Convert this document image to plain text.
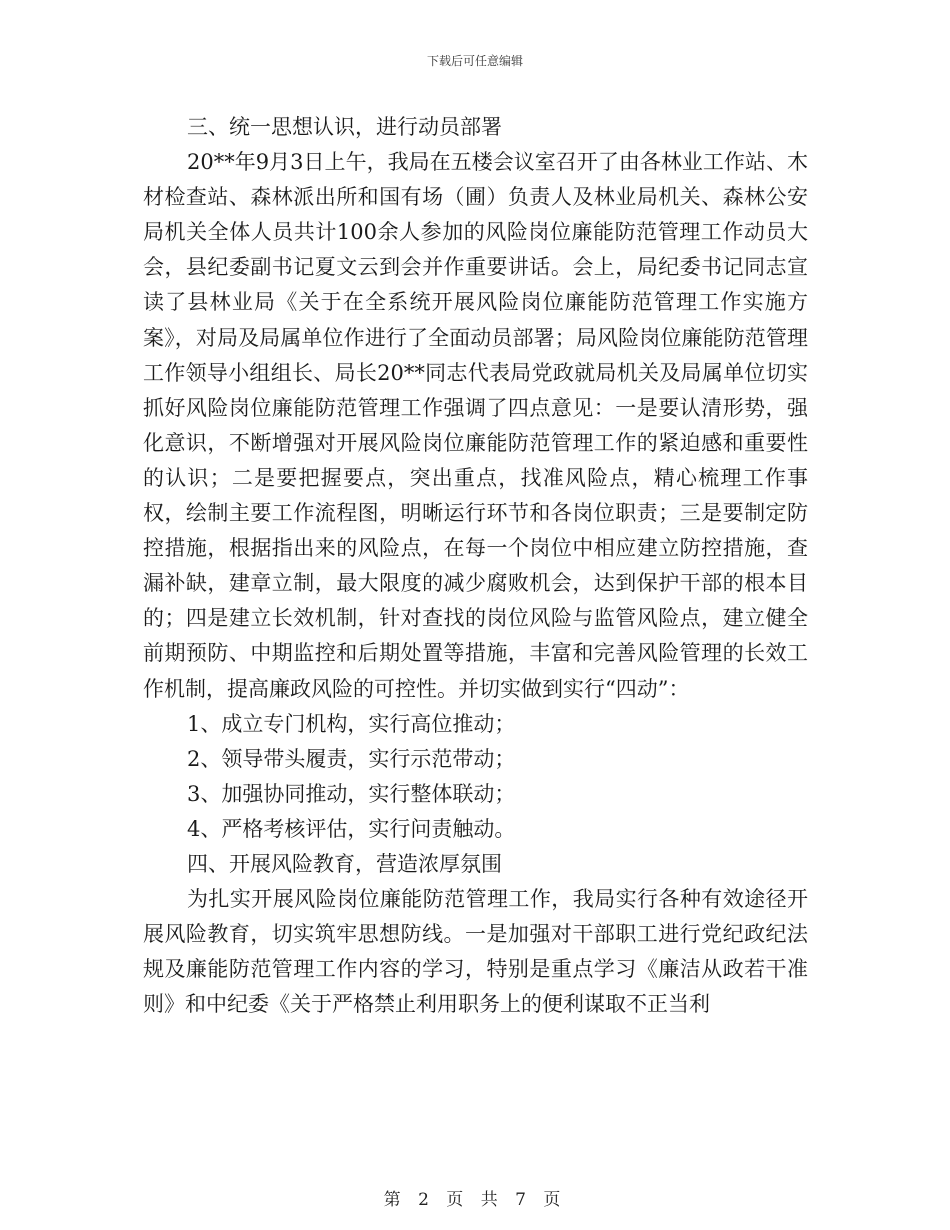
下载后可任意编辑

三、统一思想认识，进行动员部署

20**年9月3日上午，我局在五楼会议室召开了由各林业工作站、木材检查站、森林派出所和国有场（圃）负责人及林业局机关、森林公安局机关全体人员共计100余人参加的风险岗位廉能防范管理工作动员大会，县纪委副书记夏文云到会并作重要讲话。会上，局纪委书记同志宣读了县林业局《关于在全系统开展风险岗位廉能防范管理工作实施方案》，对局及局属单位作进行了全面动员部署；局风险岗位廉能防范管理工作领导小组组长、局长20**同志代表局党政就局机关及局属单位切实抓好风险岗位廉能防范管理工作强调了四点意见：一是要认清形势，强化意识，不断增强对开展风险岗位廉能防范管理工作的紧迫感和重要性的认识；二是要把握要点，突出重点，找准风险点，精心梳理工作事权，绘制主要工作流程图，明晰运行环节和各岗位职责；三是要制定防控措施，根据指出来的风险点，在每一个岗位中相应建立防控措施，查漏补缺，建章立制，最大限度的减少腐败机会，达到保护干部的根本目的；四是建立长效机制，针对查找的岗位风险与监管风险点，建立健全前期预防、中期监控和后期处置等措施，丰富和完善风险管理的长效工作机制，提高廉政风险的可控性。并切实做到实行“四动”：

1、成立专门机构，实行高位推动；

2、领导带头履责，实行示范带动；

3、加强协同推动，实行整体联动；

4、严格考核评估，实行问责触动。

四、开展风险教育，营造浓厚氛围

为扎实开展风险岗位廉能防范管理工作，我局实行各种有效途径开展风险教育，切实筑牢思想防线。一是加强对干部职工进行党纪政纪法规及廉能防范管理工作内容的学习，特别是重点学习《廉洁从政若干准则》和中纪委《关于严格禁止利用职务上的便利谋取不正当利

第 2 页 共 7 页
